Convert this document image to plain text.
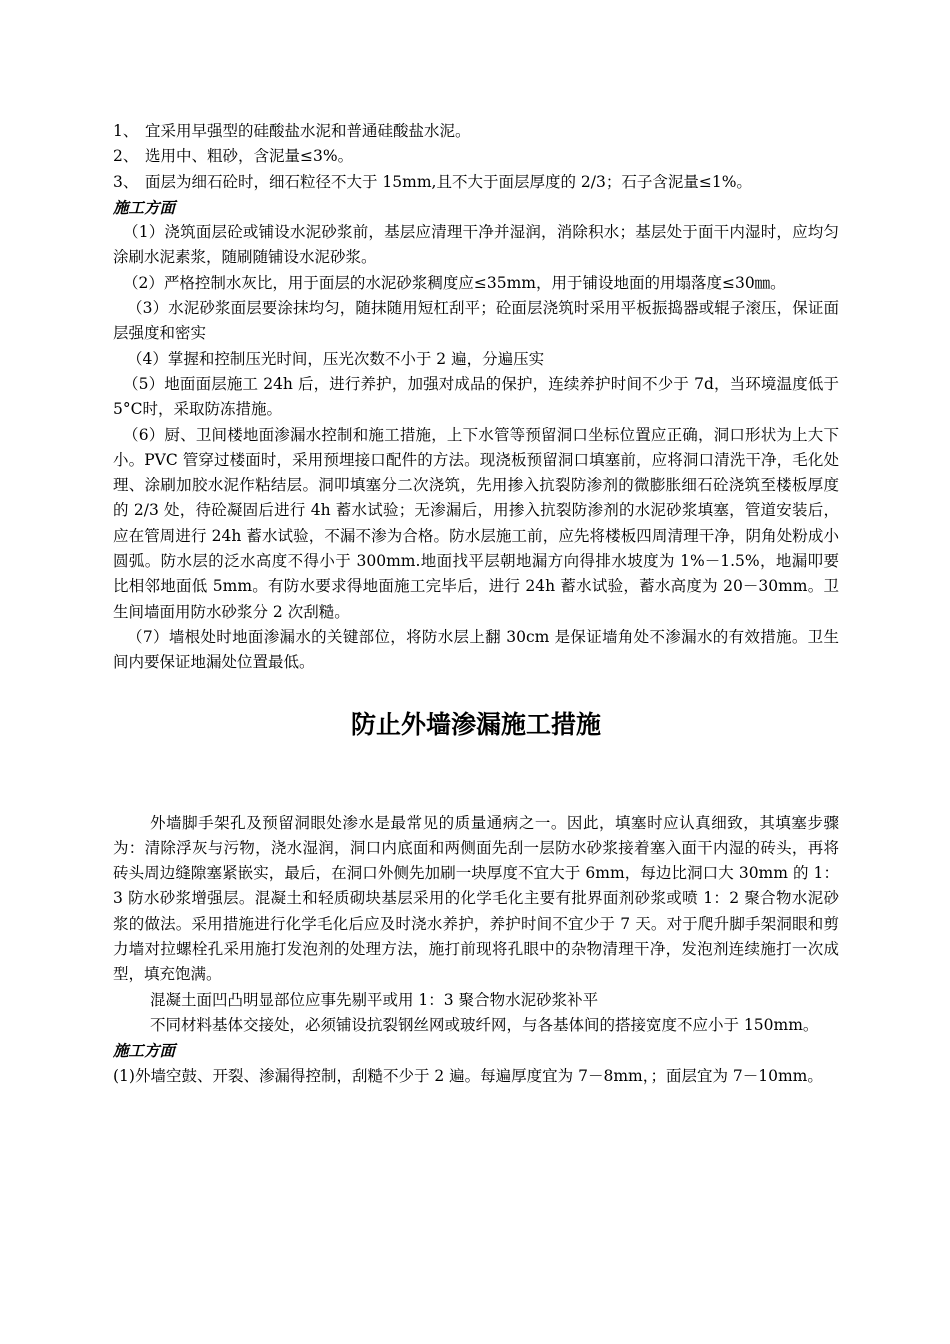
1、 宜采用早强型的硅酸盐水泥和普通硅酸盐水泥。
2、 选用中、粗砂，含泥量≤3%。
3、 面层为细石砼时，细石粒径不大于 15mm,且不大于面层厚度的 2/3；石子含泥量≤1%。

施工方面

（1）浇筑面层砼或铺设水泥砂浆前，基层应清理干净并湿润，消除积水；基层处于面干内湿时，应均匀涂刷水泥素浆，随刷随铺设水泥砂浆。

（2）严格控制水灰比，用于面层的水泥砂浆稠度应≤35mm，用于铺设地面的用塌落度≤30㎜。

（3）水泥砂浆面层要涂抹均匀，随抹随用短杠刮平；砼面层浇筑时采用平板振捣器或辊子滚压，保证面层强度和密实

（4）掌握和控制压光时间，压光次数不小于 2 遍，分遍压实

（5）地面面层施工 24h 后，进行养护，加强对成品的保护，连续养护时间不少于 7d，当环境温度低于 5°C时，采取防冻措施。

（6）厨、卫间楼地面渗漏水控制和施工措施，上下水管等预留洞口坐标位置应正确，洞口形状为上大下小。PVC 管穿过楼面时，采用预埋接口配件的方法。现浇板预留洞口填塞前，应将洞口清洗干净，毛化处理、涂刷加胶水泥作粘结层。洞叩填塞分二次浇筑，先用掺入抗裂防渗剂的微膨胀细石砼浇筑至楼板厚度的 2/3 处，待砼凝固后进行 4h 蓄水试验；无渗漏后，用掺入抗裂防渗剂的水泥砂浆填塞，管道安装后，应在管周进行 24h 蓄水试验，不漏不渗为合格。防水层施工前，应先将楼板四周清理干净，阴角处粉成小圆弧。防水层的泛水高度不得小于 300mm.地面找平层朝地漏方向得排水坡度为 1%－1.5%，地漏叩要比相邻地面低 5mm。有防水要求得地面施工完毕后，进行 24h 蓄水试验，蓄水高度为 20－30mm。卫生间墙面用防水砂浆分 2 次刮糙。

（7）墙根处时地面渗漏水的关键部位，将防水层上翻 30cm 是保证墙角处不渗漏水的有效措施。卫生间内要保证地漏处位置最低。

防止外墙渗漏施工措施

外墙脚手架孔及预留洞眼处渗水是最常见的质量通病之一。因此，填塞时应认真细致，其填塞步骤为：清除浮灰与污物，浇水湿润，洞口内底面和两侧面先刮一层防水砂浆接着塞入面干内湿的砖头，再将砖头周边缝隙塞紧嵌实，最后，在洞口外侧先加刷一块厚度不宜大于 6mm，每边比洞口大 30mm 的 1：3 防水砂浆增强层。混凝土和轻质砌块基层采用的化学毛化主要有批界面剂砂浆或喷 1：2 聚合物水泥砂浆的做法。采用措施进行化学毛化后应及时浇水养护，养护时间不宜少于 7 天。对于爬升脚手架洞眼和剪力墙对拉螺栓孔采用施打发泡剂的处理方法，施打前现将孔眼中的杂物清理干净，发泡剂连续施打一次成型，填充饱满。

混凝土面凹凸明显部位应事先剔平或用 1：3 聚合物水泥砂浆补平

不同材料基体交接处，必须铺设抗裂钢丝网或玻纤网，与各基体间的搭接宽度不应小于 150mm。

施工方面

(1)外墙空鼓、开裂、渗漏得控制，刮糙不少于 2 遍。每遍厚度宜为 7－8mm，；面层宜为 7－10mm。
